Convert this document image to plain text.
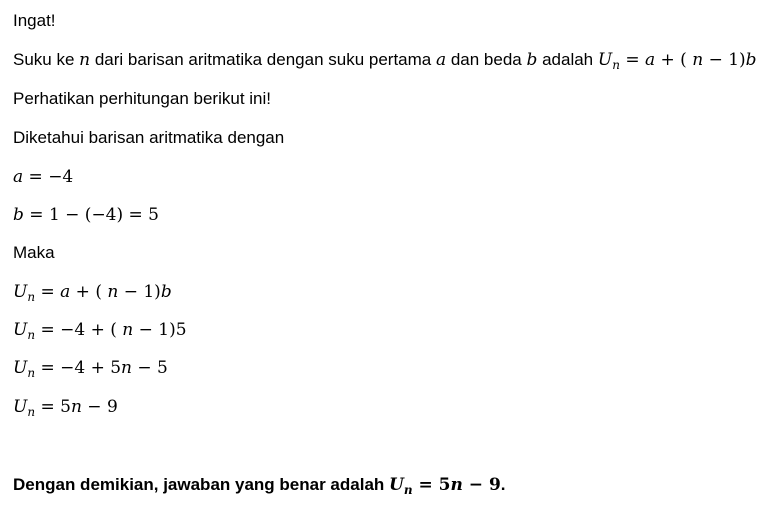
Ingat!
Suku ke n dari barisan aritmatika dengan suku pertama a dan beda b adalah $U_n = a$ + ( n − 1)b
Perhatikan perhitungan berikut ini!
Diketahui barisan aritmatika dengan
a = −4
b = 1 − (−4) = 5
Maka
$U_n = a$ + ( n − 1)b
$U_n = -4$ + ( n − 1)5
$U_n = -4 + 5n - 5$
$U_n = 5n - 9$
Dengan demikian, jawaban yang benar adalah $U_n = 5n - 9$.
